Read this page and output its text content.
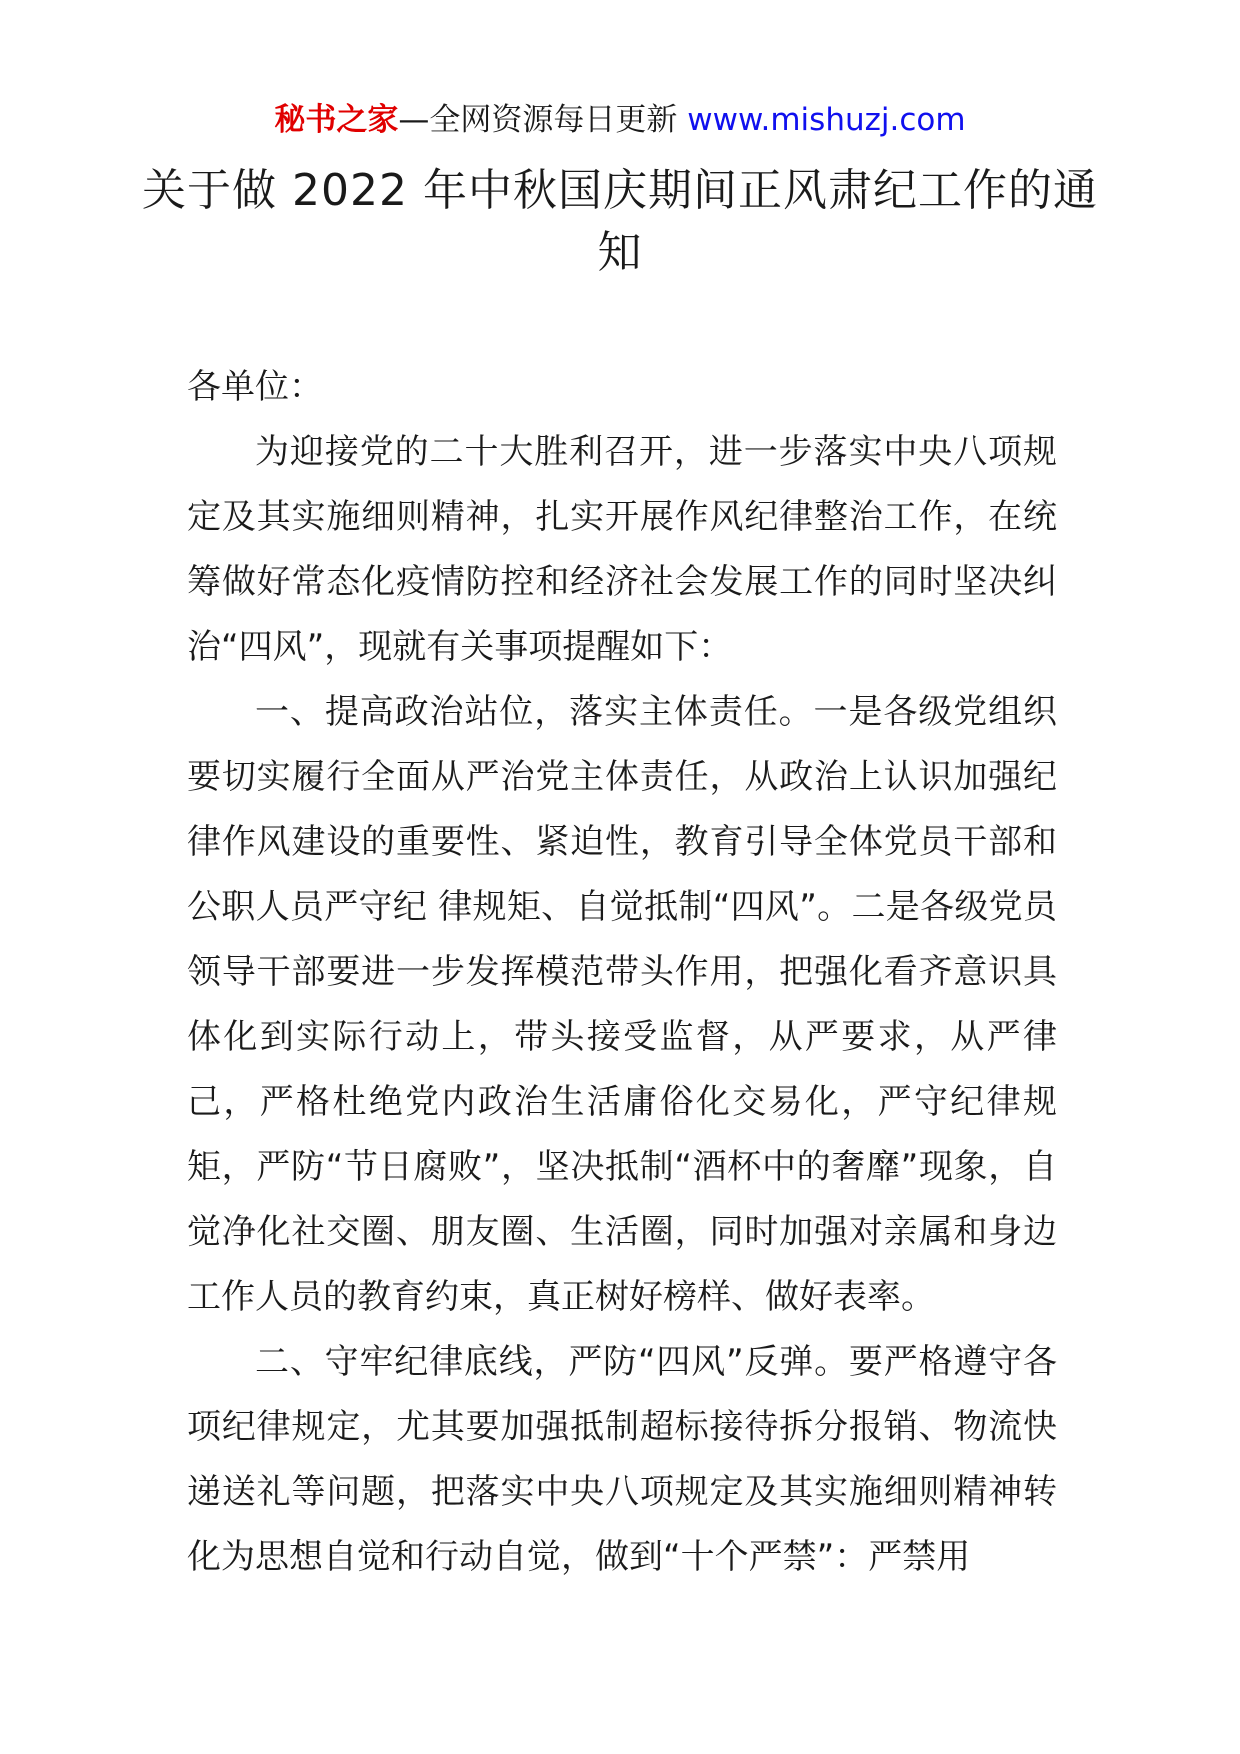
秘书之家—全网资源每日更新 www.mishuzj.com
关于做 2022 年中秋国庆期间正风肃纪工作的通知

各单位：

为迎接党的二十大胜利召开，进一步落实中央八项规定及其实施细则精神，扎实开展作风纪律整治工作，在统筹做好常态化疫情防控和经济社会发展工作的同时坚决纠治“四风”，现就有关事项提醒如下：

一、提高政治站位，落实主体责任。一是各级党组织要切实履行全面从严治党主体责任，从政治上认识加强纪律作风建设的重要性、紧迫性，教育引导全体党员干部和公职人员严守纪 律规矩、自觉抵制“四风”。二是各级党员领导干部要进一步发挥模范带头作用，把强化看齐意识具体化到实际行动上，带头接受监督，从严要求，从严律己，严格杜绝党内政治生活庸俗化交易化，严守纪律规矩，严防“节日腐败”，坚决抵制“酒杯中的奢靡”现象，自觉净化社交圈、朋友圈、生活圈，同时加强对亲属和身边工作人员的教育约束，真正树好榜样、做好表率。

二、守牢纪律底线，严防“四风”反弹。要严格遵守各项纪律规定，尤其要加强抵制超标接待拆分报销、物流快递送礼等问题，把落实中央八项规定及其实施细则精神转化为思想自觉和行动自觉，做到“十个严禁”：严禁用
